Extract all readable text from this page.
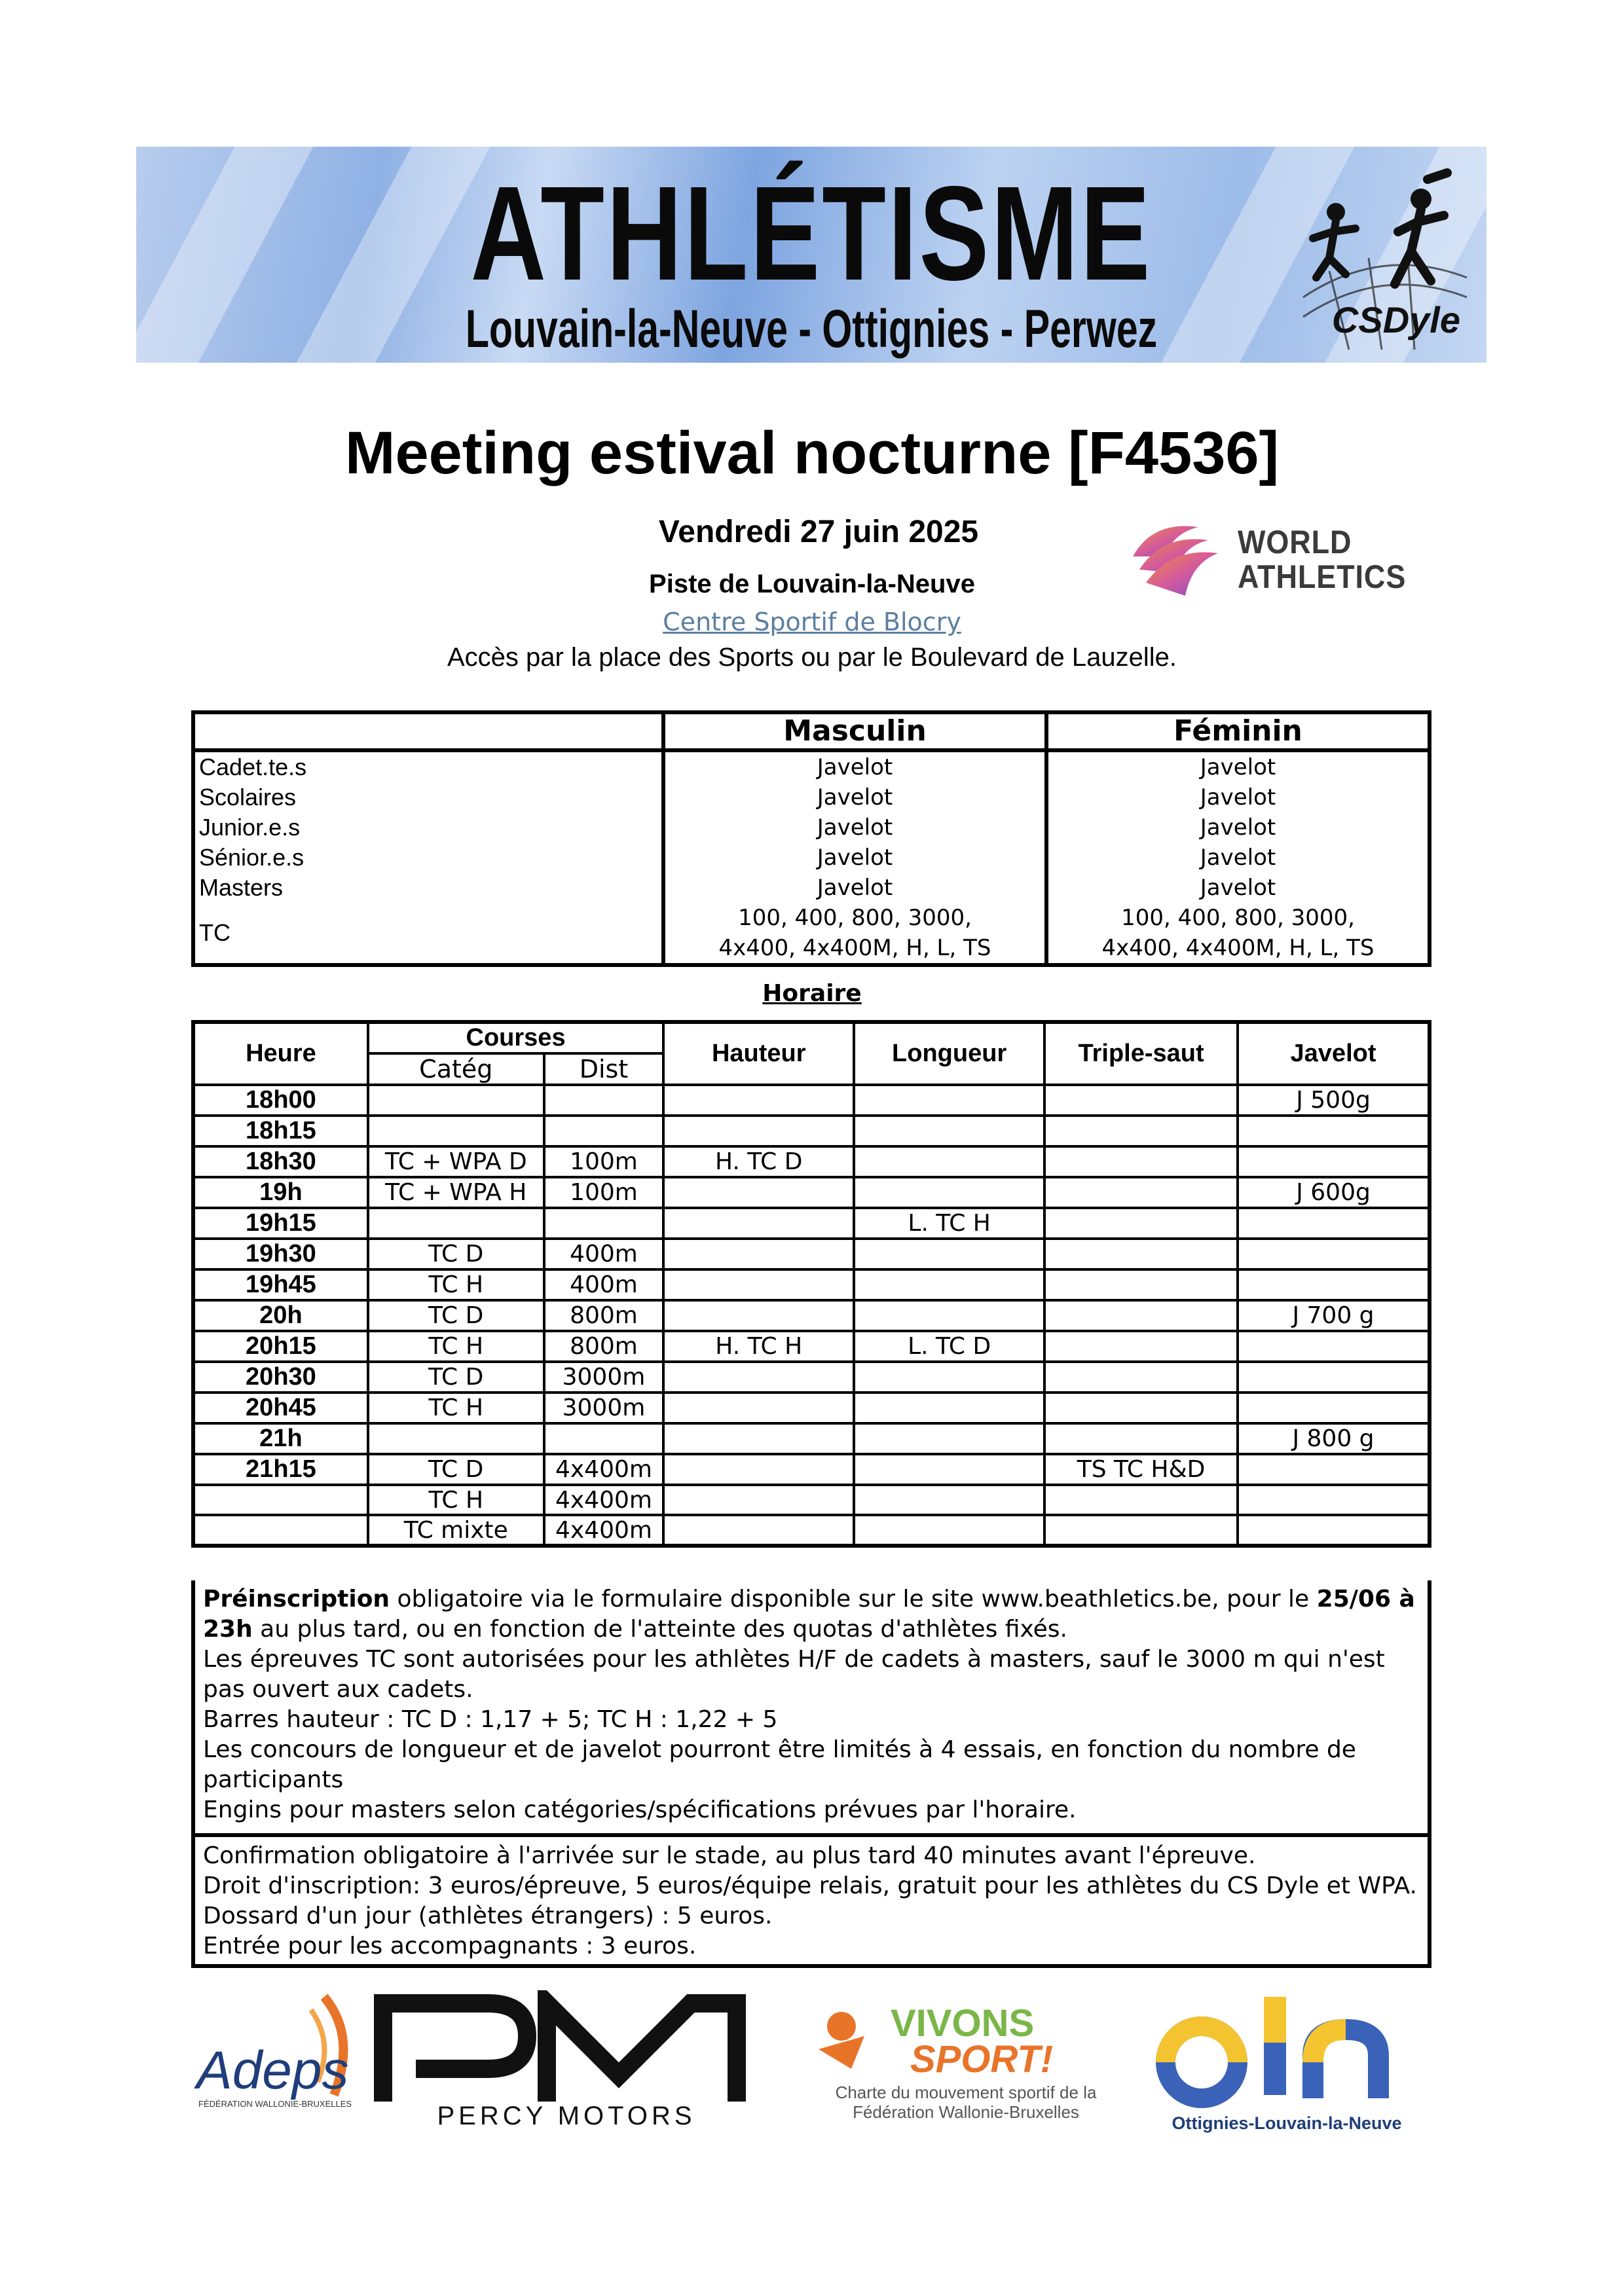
ATHLÉTISME
Louvain-la-Neuve - Ottignies - Perwez	CSDyle
Meeting estival nocturne [F4536]
Vendredi 27 juin 2025
Piste de Louvain-la-Neuve
Centre Sportif de Blocry
Accès par la place des Sports ou par le Boulevard de Lauzelle.
WORLD
ATHLETICS
	Masculin	Féminin
Cadet.te.s	Javelot	Javelot
Scolaires	Javelot	Javelot
Junior.e.s	Javelot	Javelot
Sénior.e.s	Javelot	Javelot
Masters	Javelot	Javelot
TC	100, 400, 800, 3000, 4x400, 4x400M, H, L, TS	100, 400, 800, 3000, 4x400, 4x400M, H, L, TS
Horaire
Heure	Courses		Hauteur	Longueur	Triple-saut	Javelot
	Catég	Dist				
18h00						J 500g
18h15						
18h30	TC + WPA D	100m	H. TC D			
19h	TC + WPA H	100m				J 600g
19h15				L. TC H		
19h30	TC D	400m				
19h45	TC H	400m				
20h	TC D	800m				J 700 g
20h15	TC H	800m	H. TC H	L. TC D		
20h30	TC D	3000m				
20h45	TC H	3000m				
21h						J 800 g
21h15	TC D	4x400m			TS TC H&D	
	TC H	4x400m				
	TC mixte	4x400m				

Préinscription obligatoire via le formulaire disponible sur le site www.beathletics.be, pour le 25/06 à 23h au plus tard, ou en fonction de l'atteinte des quotas d'athlètes fixés.

Les épreuves TC sont autorisées pour les athlètes H/F de cadets à masters, sauf le 3000 m qui n'est pas ouvert aux cadets.

Barres hauteur : TC D : 1,17 + 5; TC H : 1,22 + 5

Les concours de longueur et de javelot pourront être limités à 4 essais, en fonction du nombre de participants

Engins pour masters selon catégories/spécifications prévues par l'horaire.

Confirmation obligatoire à l'arrivée sur le stade, au plus tard 40 minutes avant l'épreuve.

Droit d'inscription: 3 euros/épreuve, 5 euros/équipe relais, gratuit pour les athlètes du CS Dyle et WPA.

Dossard d'un jour (athlètes étrangers) : 5 euros.

Entrée pour les accompagnants : 3 euros.

Adeps
FÉDÉRATION WALLONIE-BRUXELLES	PERCY MOTORS
VIVONS
SPORT!
Charte du mouvement sportif de la
Fédération Wallonie-Bruxelles
Ottignies-Louvain-la-Neuve
